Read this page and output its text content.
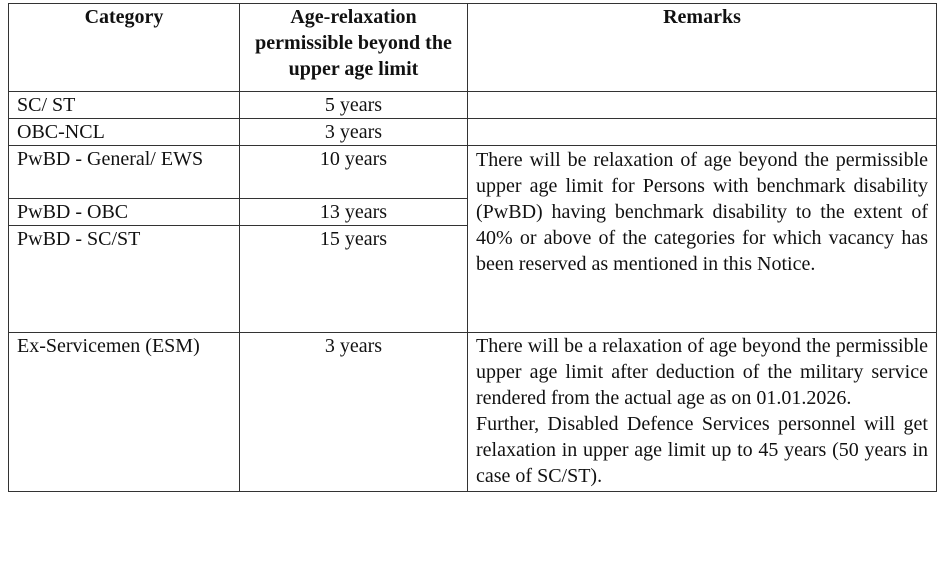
Category	Age-relaxation permissible beyond the upper age limit	Remarks
SC/ ST	5 years	
OBC-NCL	3 years	
PwBD - General/ EWS	10 years	There will be relaxation of age beyond the permissible upper age limit for Persons with benchmark disability (PwBD) having benchmark disability to the extent of 40% or above of the categories for which vacancy has been reserved as mentioned in this Notice.

PwBD - OBC	13 years	
PwBD - SC/ST	15 years	
Ex-Servicemen (ESM)	3 years	There will be a relaxation of age beyond the permissible upper age limit after deduction of the military service rendered from the actual age as on 01.01.2026.
Further, Disabled Defence Services personnel will get relaxation in upper age limit up to 45 years (50 years in case of SC/ST).
